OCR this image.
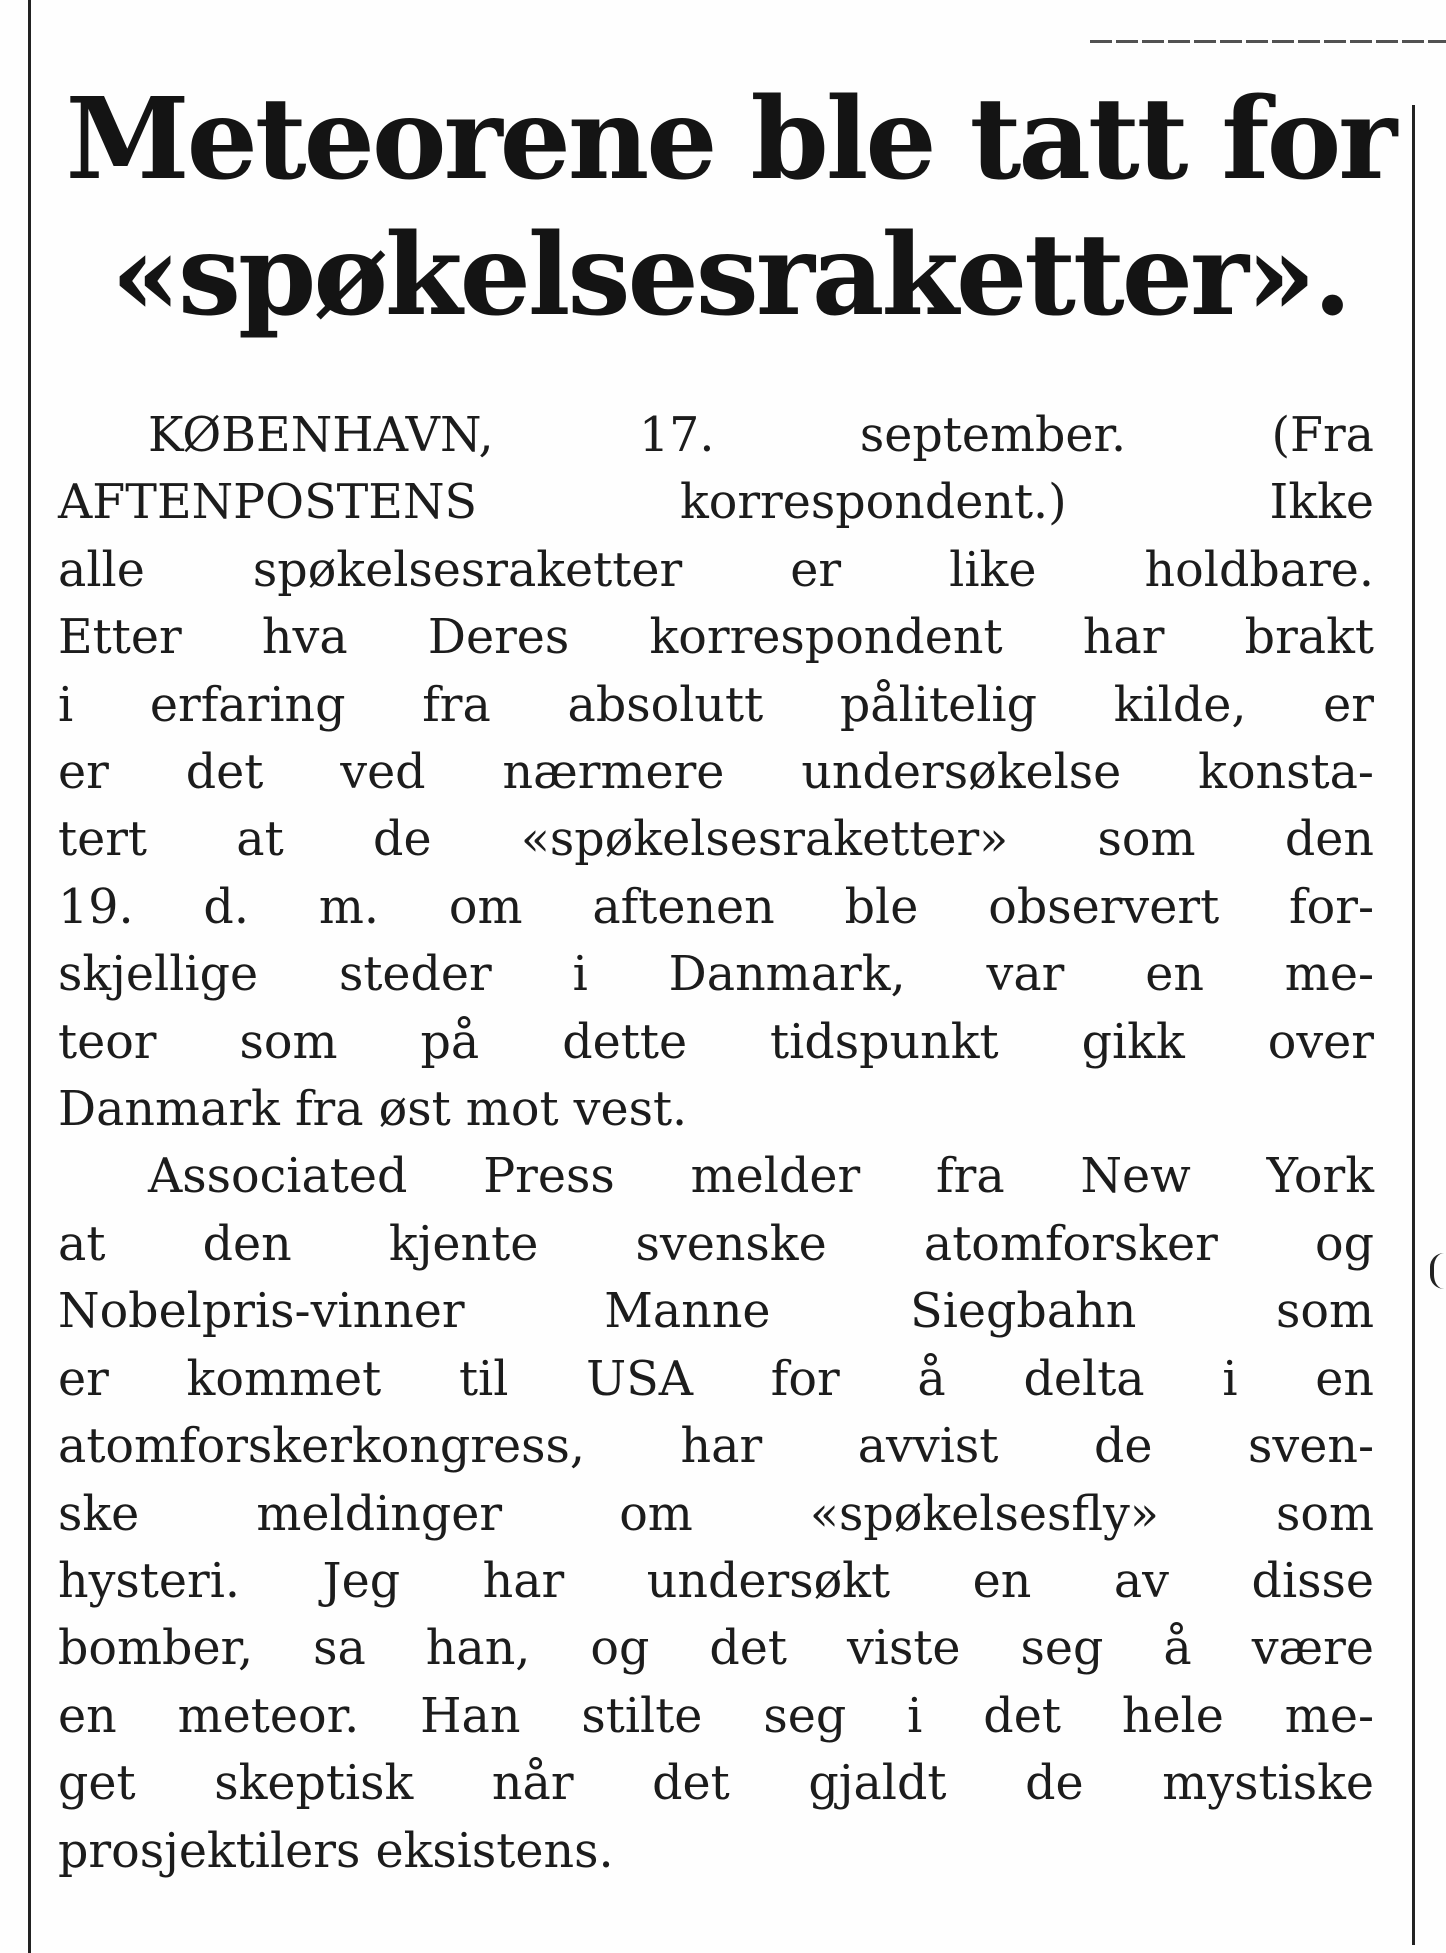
Meteorene ble tatt for
«spøkelsesraketter».
KØBENHAVN, 17. september. (Fra
AFTENPOSTENS korrespondent.) Ikke
alle spøkelsesraketter er like holdbare.
Etter hva Deres korrespondent har brakt
i erfaring fra absolutt pålitelig kilde, er
er det ved nærmere undersøkelse konsta-
tert at de «spøkelsesraketter» som den
19. d. m. om aftenen ble observert for-
skjellige steder i Danmark, var en me-
teor som på dette tidspunkt gikk over
Danmark fra øst mot vest.
Associated Press melder fra New York
at den kjente svenske atomforsker og
Nobelpris-vinner Manne Siegbahn som
er kommet til USA for å delta i en
atomforskerkongress, har avvist de sven-
ske meldinger om «spøkelsesfly» som
hysteri. Jeg har undersøkt en av disse
bomber, sa han, og det viste seg å være
en meteor. Han stilte seg i det hele me-
get skeptisk når det gjaldt de mystiske
prosjektilers eksistens.
